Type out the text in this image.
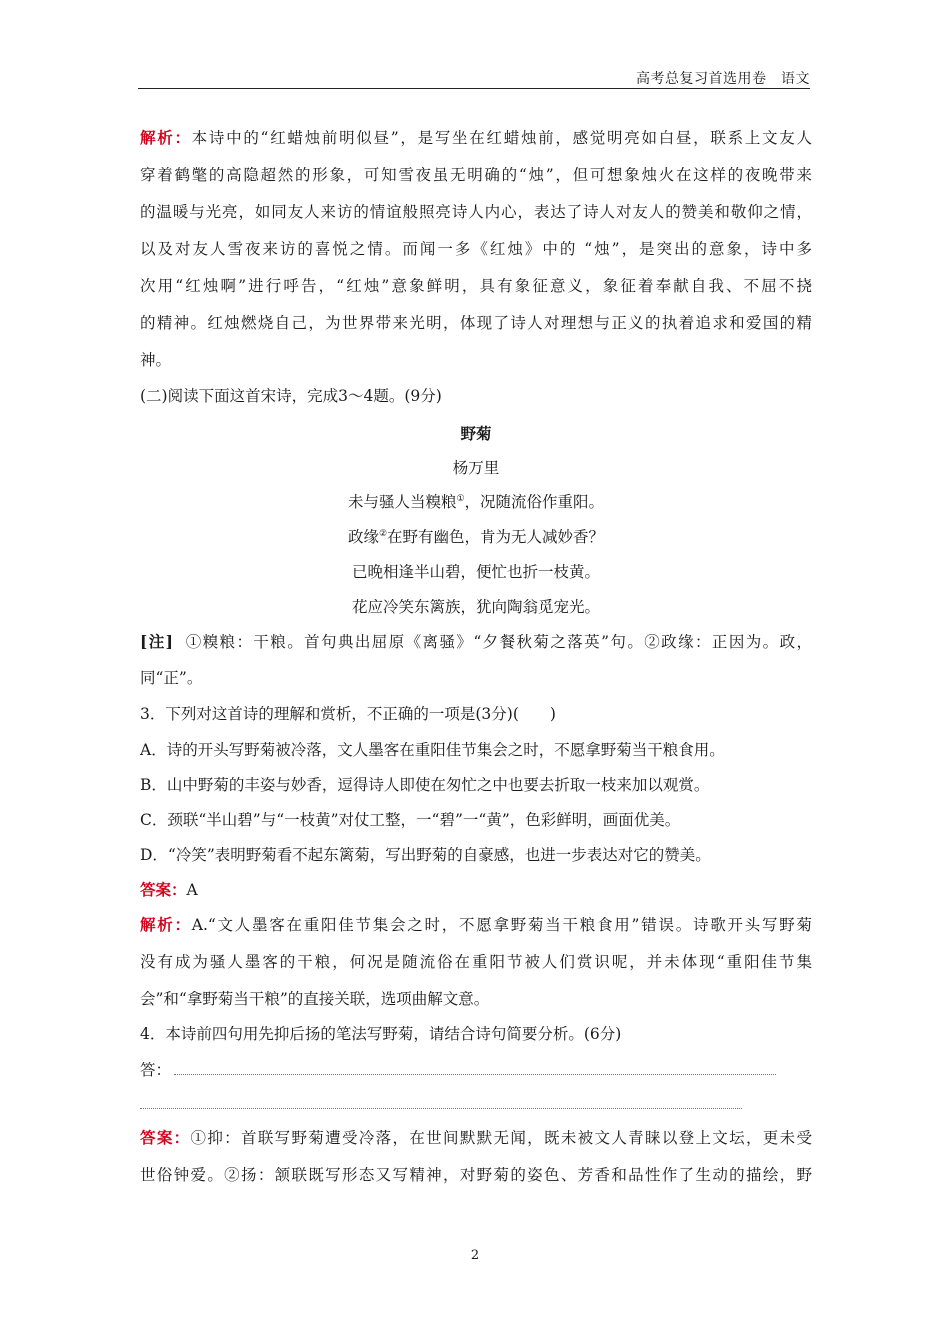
高考总复习首选用卷　语文
解析：本诗中的“红蜡烛前明似昼”，是写坐在红蜡烛前，感觉明亮如白昼，联系上文友人
穿着鹤氅的高隐超然的形象，可知雪夜虽无明确的“烛”，但可想象烛火在这样的夜晚带来
的温暖与光亮，如同友人来访的情谊般照亮诗人内心，表达了诗人对友人的赞美和敬仰之情，
以及对友人雪夜来访的喜悦之情。而闻一多《红烛》中的 “烛”，是突出的意象，诗中多
次用“红烛啊”进行呼告，“红烛”意象鲜明，具有象征意义，象征着奉献自我、不屈不挠
的精神。红烛燃烧自己，为世界带来光明，体现了诗人对理想与正义的执着追求和爱国的精
神。
(二)阅读下面这首宋诗，完成3～4题。(9分)
野菊
杨万里
未与骚人当糗粮①，况随流俗作重阳。
政缘②在野有幽色，肯为无人减妙香？
已晚相逢半山碧，便忙也折一枝黄。
花应冷笑东篱族，犹向陶翁觅宠光。
[注] ①糗粮：干粮。首句典出屈原《离骚》“夕餐秋菊之落英”句。②政缘：正因为。政，
同“正”。
3．下列对这首诗的理解和赏析，不正确的一项是(3分)(　　)
A．诗的开头写野菊被冷落，文人墨客在重阳佳节集会之时，不愿拿野菊当干粮食用。
B．山中野菊的丰姿与妙香，逗得诗人即使在匆忙之中也要去折取一枝来加以观赏。
C．颈联“半山碧”与“一枝黄”对仗工整，一“碧”一“黄”，色彩鲜明，画面优美。
D．“冷笑”表明野菊看不起东篱菊，写出野菊的自豪感，也进一步表达对它的赞美。
答案：A
解析：A.“文人墨客在重阳佳节集会之时，不愿拿野菊当干粮食用”错误。诗歌开头写野菊
没有成为骚人墨客的干粮，何况是随流俗在重阳节被人们赏识呢，并未体现“重阳佳节集
会”和“拿野菊当干粮”的直接关联，选项曲解文意。
4．本诗前四句用先抑后扬的笔法写野菊，请结合诗句简要分析。(6分)
答：
答案：①抑：首联写野菊遭受冷落，在世间默默无闻，既未被文人青睐以登上文坛，更未受
世俗钟爱。②扬：颔联既写形态又写精神，对野菊的姿色、芳香和品性作了生动的描绘，野
2
